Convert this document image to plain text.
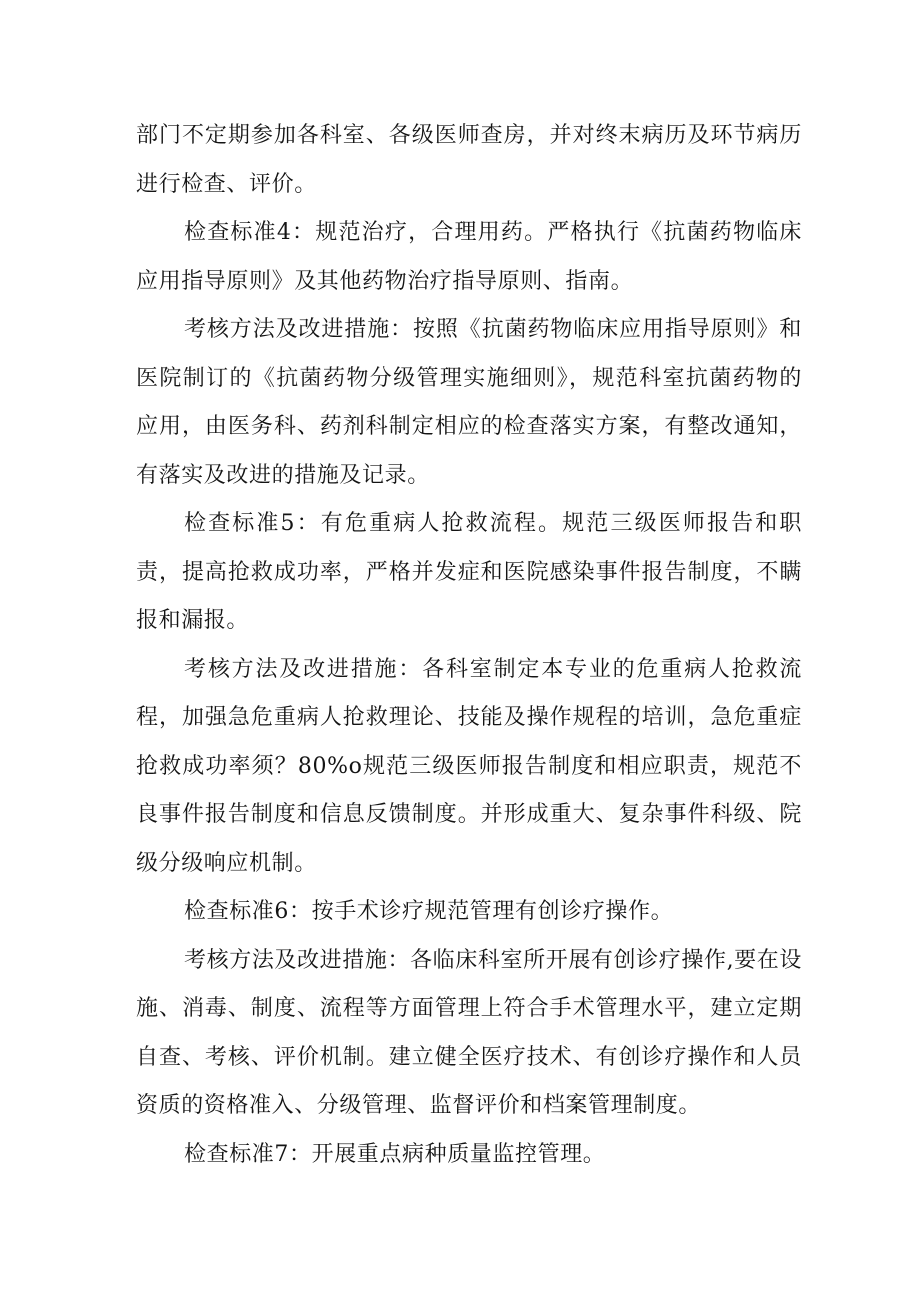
部门不定期参加各科室、各级医师查房，并对终末病历及环节病历进行检查、评价。

检查标准4：规范治疗，合理用药。严格执行《抗菌药物临床应用指导原则》及其他药物治疗指导原则、指南。

考核方法及改进措施：按照《抗菌药物临床应用指导原则》和医院制订的《抗菌药物分级管理实施细则》，规范科室抗菌药物的应用，由医务科、药剂科制定相应的检查落实方案，有整改通知，有落实及改进的措施及记录。

检查标准5：有危重病人抢救流程。规范三级医师报告和职责，提高抢救成功率，严格并发症和医院感染事件报告制度，不瞒报和漏报。

考核方法及改进措施：各科室制定本专业的危重病人抢救流程，加强急危重病人抢救理论、技能及操作规程的培训，急危重症抢救成功率须？80%o规范三级医师报告制度和相应职责，规范不良事件报告制度和信息反馈制度。并形成重大、复杂事件科级、院级分级响应机制。

检查标准6：按手术诊疗规范管理有创诊疗操作。

考核方法及改进措施：各临床科室所开展有创诊疗操作,要在设施、消毒、制度、流程等方面管理上符合手术管理水平，建立定期自查、考核、评价机制。建立健全医疗技术、有创诊疗操作和人员资质的资格准入、分级管理、监督评价和档案管理制度。

检查标准7：开展重点病种质量监控管理。
